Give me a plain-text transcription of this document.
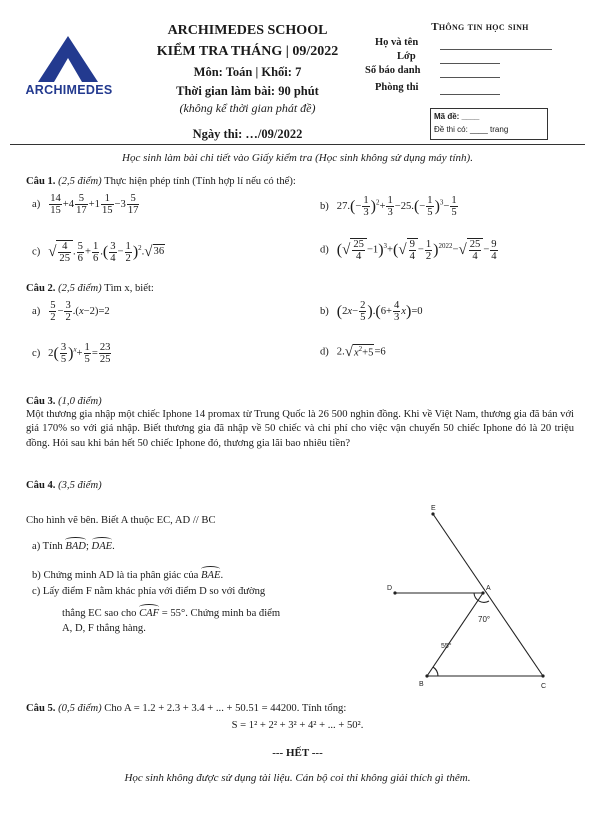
ARCHIMEDES
ARCHIMEDES SCHOOL
KIỂM TRA THÁNG | 09/2022
Môn: Toán | Khối: 7
Thời gian làm bài: 90 phút
(không kể thời gian phát đề)
Ngày thi: …/09/2022
Thông tin học sinh
Họ và tên
Lớp
Số báo danh
Phòng thi
Mã đề: ____
Đề thi có: ____ trang
Học sinh làm bài chi tiết vào Giấy kiểm tra (Học sinh không sử dụng máy tính).
Câu 1. (2,5 điểm) Thực hiện phép tính (Tính hợp lí nếu có thể):
$a) \frac{14}{15} +4 \frac{5}{17} +1 \frac{1}{15} -3 \frac{5}{17}$	b)   $27.(- \frac{1}{3} )^2+ \frac{1}{3} -25.(- \frac{1}{5} )^3- \frac{1}{5}$
c)   √ $\frac{4}{25}$ . $\frac{5}{6} + \frac{1}{6}$ .( $\frac{3}{4} - \frac{1}{2} )^2.√36$	d)   (√ $\frac{25}{4} -1)^3+(√ \frac{9}{4} - \frac{1}{2} )^{2022}-√ \frac{25}{4} - \frac{9}{4}$
Câu 2. (2,5 điểm) Tìm x, biết:
$a) \frac{5}{2} - \frac{3}{2} .(x-2)=2$	b)   $(2x- \frac{2}{5} ).(6+ \frac{4}{3} x)=0$
c)   $2( \frac{3}{5} )^x+ \frac{1}{5} = \frac{23}{25}$	d)   $2.√x^2+5=6$
Câu 3. (1,0 điểm)
Một thương gia nhập một chiếc Iphone 14 promax từ Trung Quốc là 26 500 nghìn đồng. Khi về Việt Nam, thương gia đã bán với giá 170% so với giá nhập. Biết thương gia đã nhập về 50 chiếc và chi phí cho việc vận chuyển 50 chiếc Iphone đó là 20 triệu đồng. Hỏi sau khi bán hết 50 chiếc Iphone đó, thương gia lãi bao nhiêu tiền?
Câu 4. (3,5 điểm)
Cho hình vẽ bên. Biết A thuộc EC, AD // BC
a) Tính BAD; DAE.
b) Chứng minh AD là tia phân giác của BAE.
c) Lấy điểm F nằm khác phía với điểm D so với đường
thẳng EC sao cho CAF = 55°. Chứng minh ba điểm
A, D, F thẳng hàng.
E
D	A
B	C
70°
55°
Câu 5. (0,5 điểm) Cho A = 1.2 + 2.3 + 3.4 + ... + 50.51 = 44200. Tính tổng:
S = 1² + 2² + 3² + 4² + ... + 50².
--- HẾT ---
Học sinh không được sử dụng tài liệu. Cán bộ coi thi không giải thích gì thêm.
